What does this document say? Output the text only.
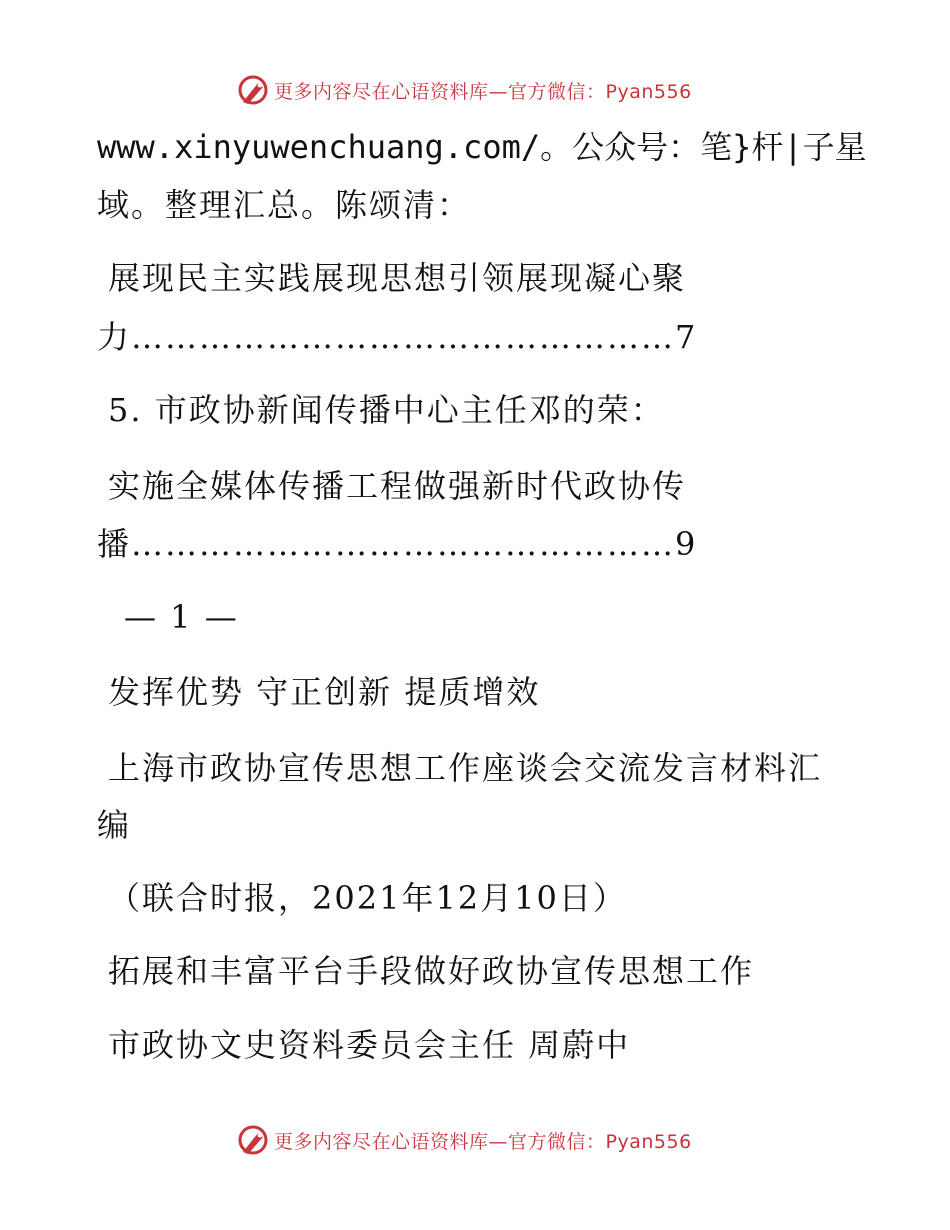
更多内容尽在心语资料库—官方微信：Pyan556
www.xinyuwenchuang.com/。公众号：笔}杆|子星
域。整理汇总。陈颂清：
展现民主实践展现思想引领展现凝心聚
力…………………………………………7
5. 市政协新闻传播中心主任邓的荣：
实施全媒体传播工程做强新时代政协传
播…………………………………………9
— 1 —
发挥优势 守正创新 提质增效
上海市政协宣传思想工作座谈会交流发言材料汇
编
（联合时报，2021年12月10日）
拓展和丰富平台手段做好政协宣传思想工作
市政协文史资料委员会主任 周蔚中
更多内容尽在心语资料库—官方微信：Pyan556
